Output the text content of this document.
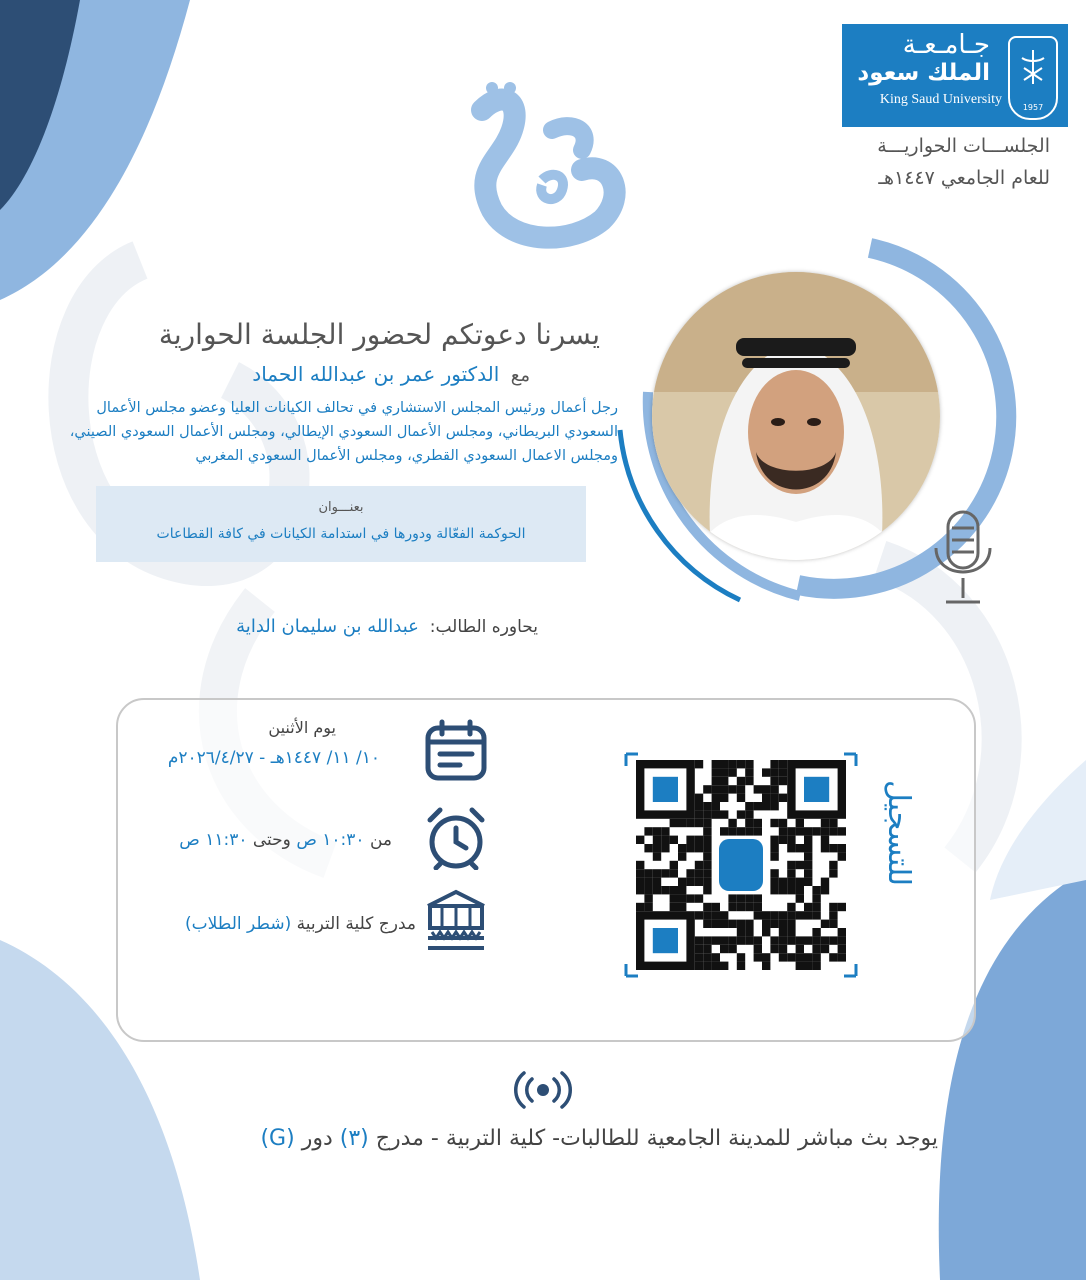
جـامـعـة
الملك سعود
King Saud University
1957
الجلســـات الحواريـــة
للعام الجامعي ١٤٤٧هـ
يسرنا دعوتكم لحضور الجلسة الحوارية
مع  الدكتور عمر بن عبدالله الحماد
رجل أعمال ورئيس المجلس الاستشاري في تحالف الكيانات العليا وعضو مجلس الأعمال السعودي البريطاني، ومجلس الأعمال السعودي الإيطالي، ومجلس الأعمال السعودي الصيني، ومجلس الاعمال السعودي القطري، ومجلس الأعمال السعودي المغربي
بعنـــوان
الحوكمة الفعّالة ودورها في استدامة الكيانات في كافة القطاعات
يحاوره الطالب:  عبدالله بن سليمان الداية
يوم الأثنين
١٠/ ١١/ ١٤٤٧هـ - ٢٠٢٦/٤/٢٧م
من ١٠:٣٠ ص وحتى ١١:٣٠ ص
مدرج كلية التربية (شطر الطلاب)
للتسجيل
يوجد بث مباشر للمدينة الجامعية للطالبات- كلية التربية - مدرج (٣) دور (G)
